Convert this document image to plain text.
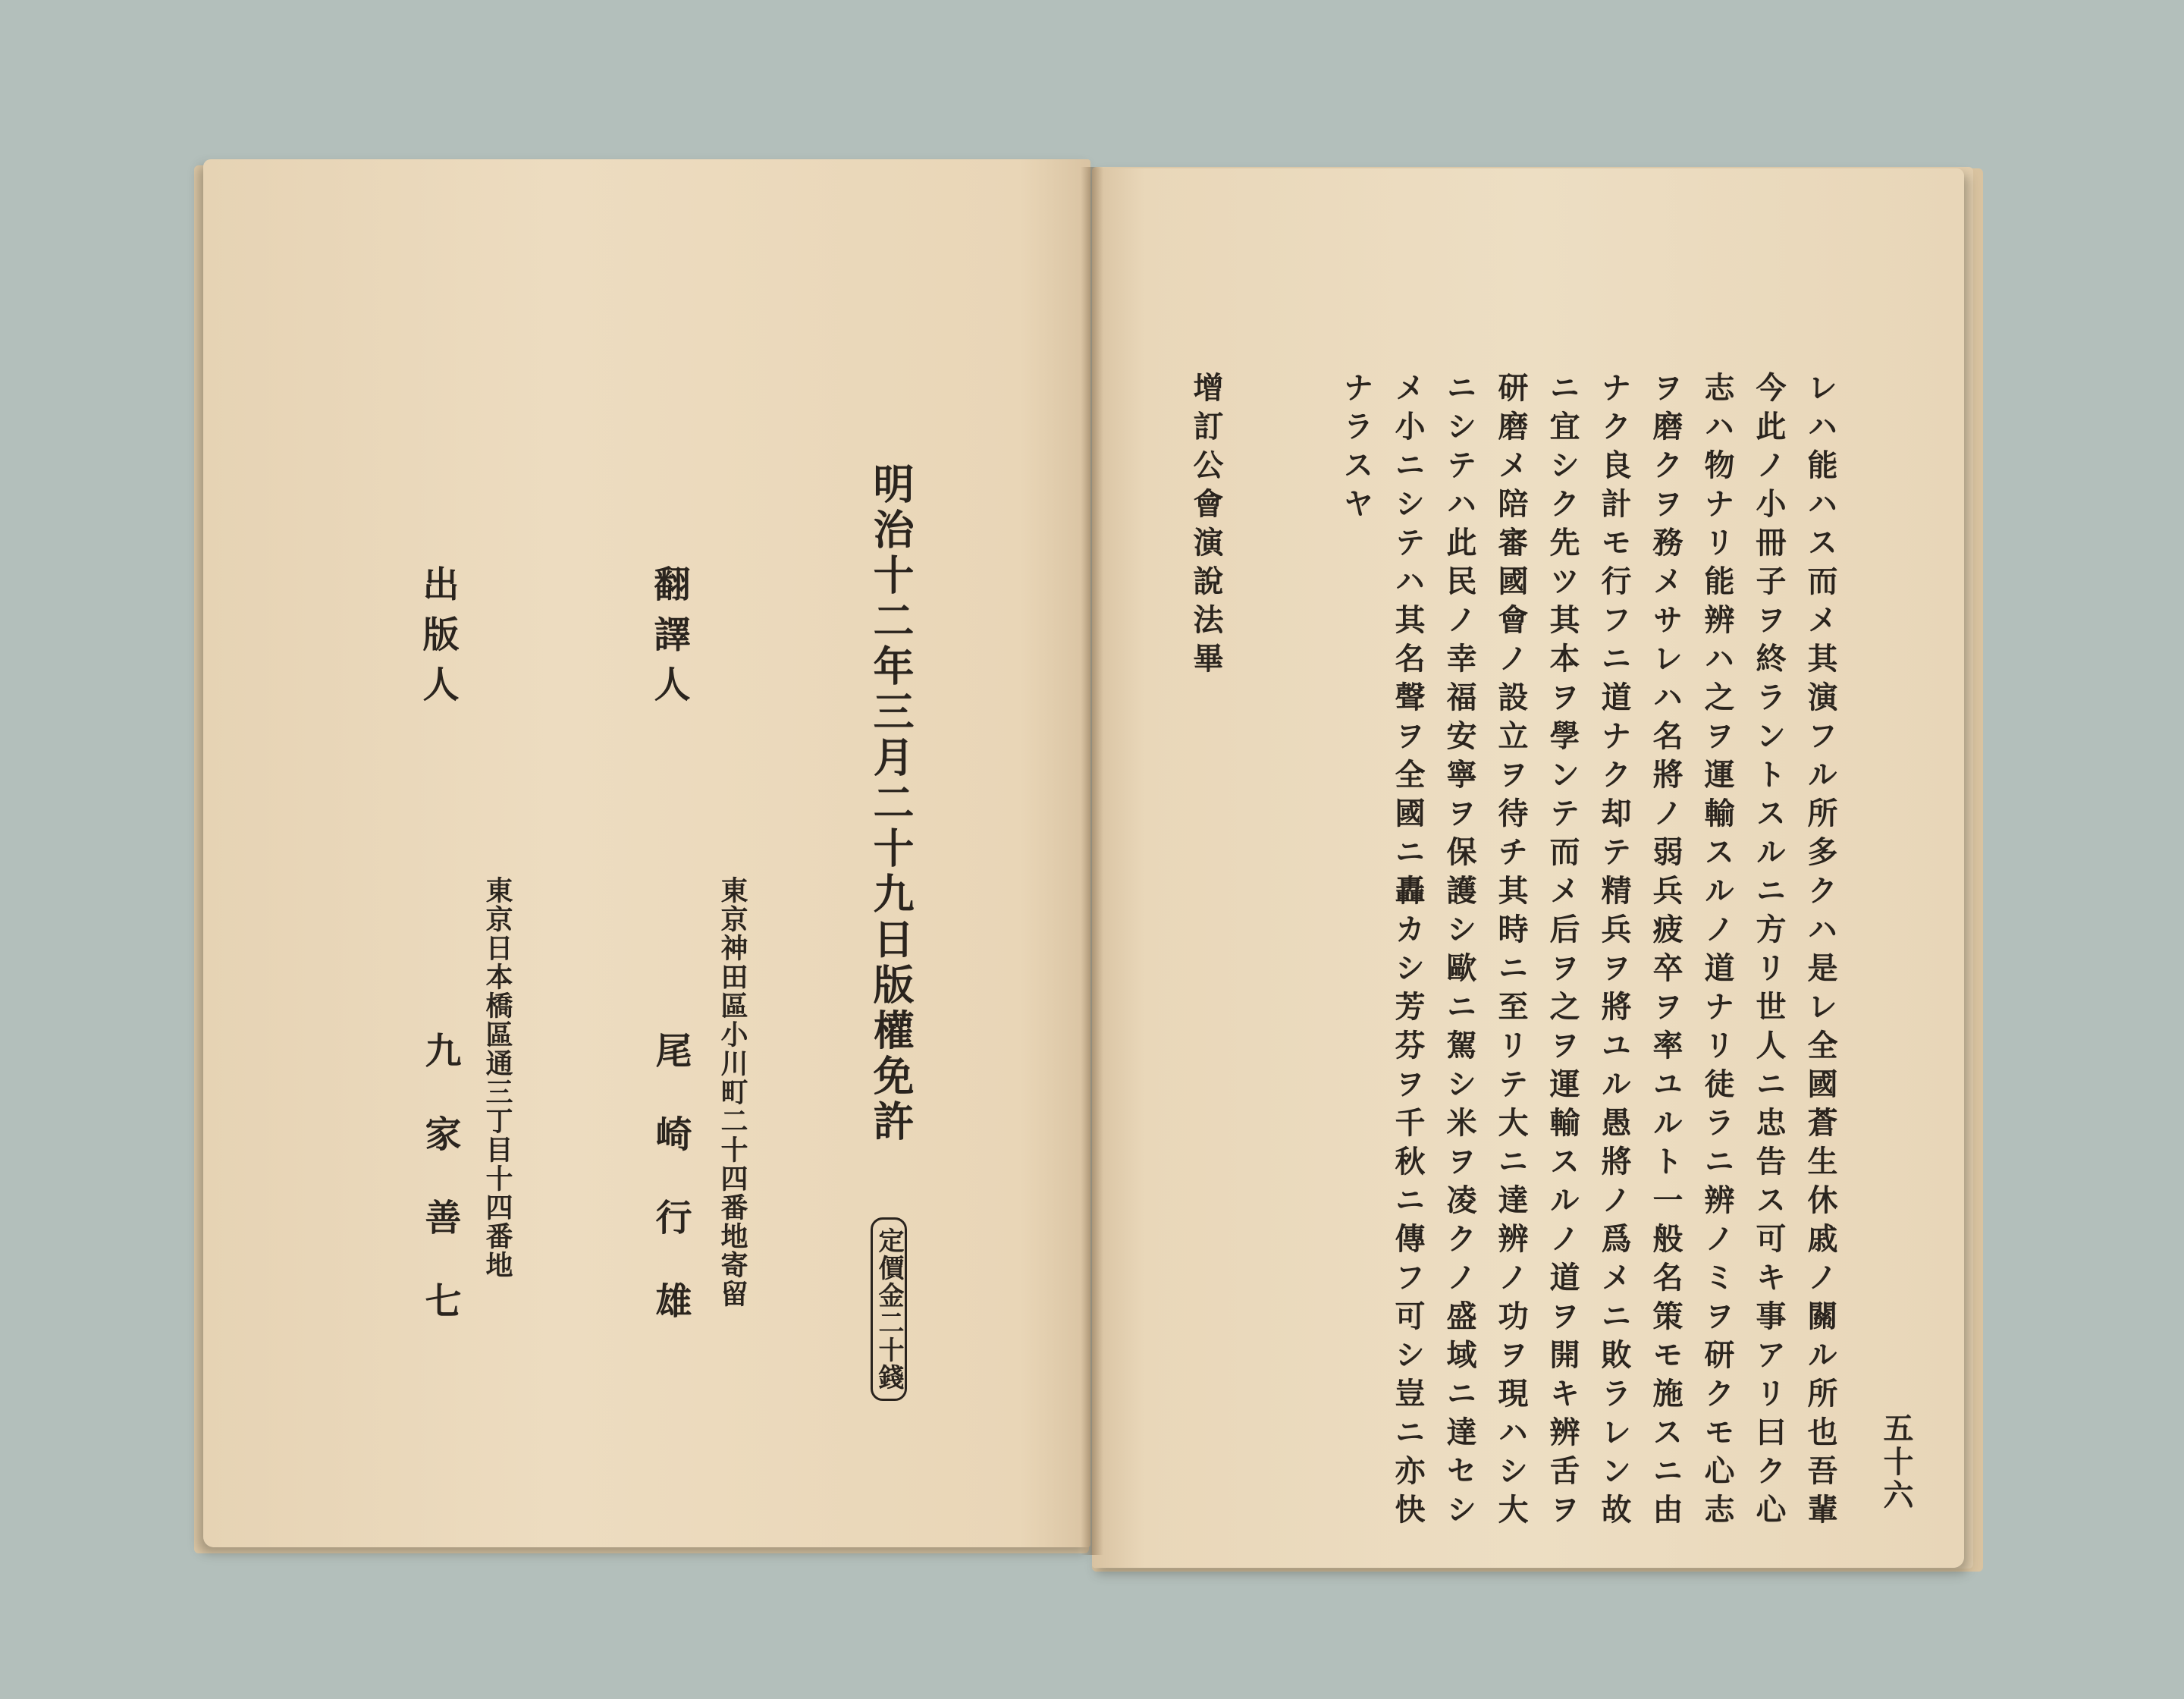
明治十二年三月二十九日版權免許
定價金二十錢
翻譯人
東京神田區小川町二十四番地寄留
尾崎行雄
出版人
東京日本橋區通三丁目十四番地
九家善七

五十六
レハ能ハス而メ其演フル所多クハ是レ全國蒼生休戚ノ關ル所也吾輩
今此ノ小冊子ヲ終ラントスルニ方リ世人ニ忠告ス可キ事アリ曰ク心
志ハ物ナリ能辨ハ之ヲ運輸スルノ道ナリ徒ラニ辨ノミヲ研クモ心志
ヲ磨クヲ務メサレハ名將ノ弱兵疲卒ヲ率ユルト一般名策モ施スニ由
ナク良計モ行フニ道ナク却テ精兵ヲ將ユル愚將ノ爲メニ敗ラレン故
ニ宜シク先ツ其本ヲ學ンテ而メ后ヲ之ヲ運輸スルノ道ヲ開キ辨舌ヲ
研磨メ陪審國會ノ設立ヲ待チ其時ニ至リテ大ニ達辨ノ功ヲ現ハシ大
ニシテハ此民ノ幸福安寧ヲ保護シ歐ニ駕シ米ヲ凌クノ盛域ニ達セシ
メ小ニシテハ其名聲ヲ全國ニ轟カシ芳芬ヲ千秋ニ傳フ可シ豈ニ亦快
ナラスヤ
增訂公會演說法畢
